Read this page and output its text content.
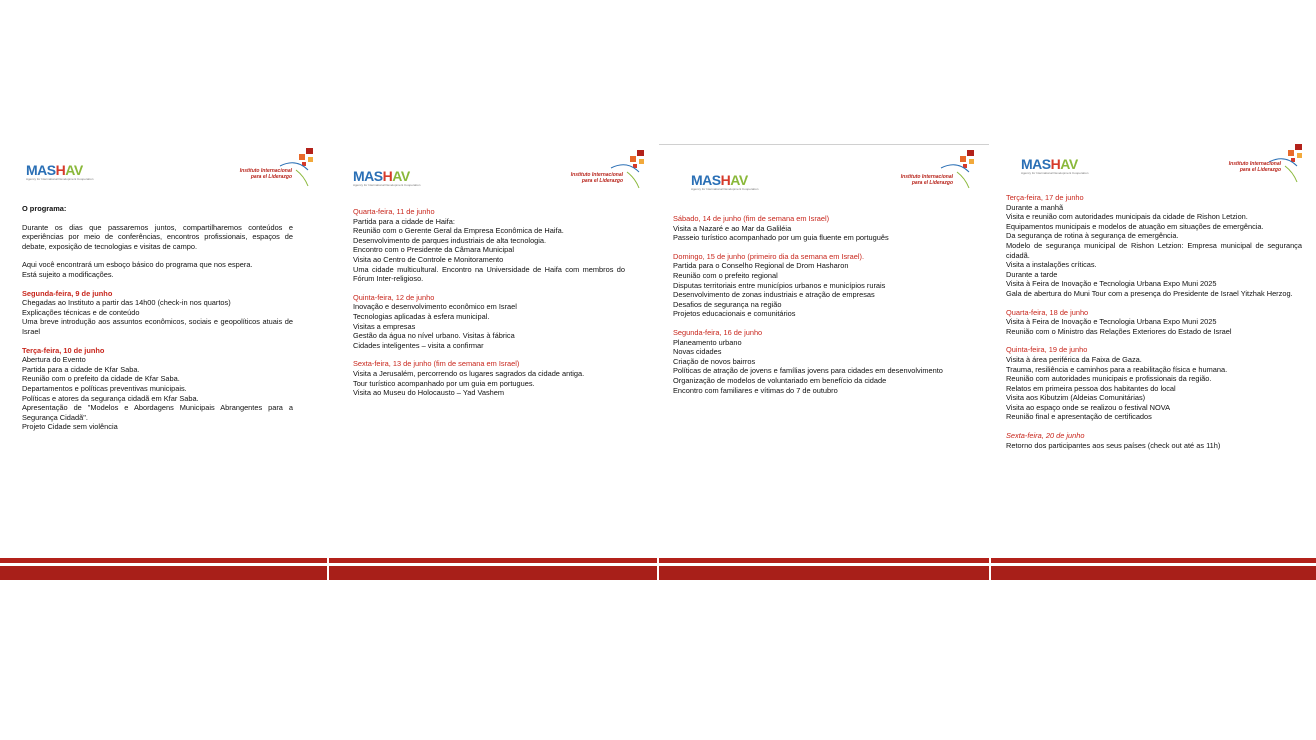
MASHAV
Agency for International Development Cooperation
Instituto Internacional
para el Liderazgo

O programa:

Durante os dias que passaremos juntos, compartilharemos conteúdos e experiências por meio de conferências, encontros profissionais, espaços de debate, exposição de tecnologias e visitas de campo.

Aqui você encontrará um esboço básico do programa que nos espera.

Está sujeito a modificações.

Segunda-feira, 9 de junho

Chegadas ao Instituto a partir das 14h00 (check-in nos quartos)

Explicações técnicas e de conteúdo

Uma breve introdução aos assuntos econômicos, sociais e geopolíticos atuais de Israel

Terça-feira, 10 de junho

Abertura do Evento

Partida para a cidade de Kfar Saba.

Reunião com o prefeito da cidade de Kfar Saba.

Departamentos e políticas preventivas municipais.

Políticas e atores da segurança cidadã em Kfar Saba.

Apresentação de "Modelos e Abordagens Municipais Abrangentes para a Segurança Cidadã".

Projeto Cidade sem violência

MASHAV
Agency for International Development Cooperation
Instituto Internacional
para el Liderazgo

Quarta-feira, 11 de junho

Partida para a cidade de Haifa:

Reunião com o Gerente Geral da Empresa Econômica de Haifa.

Desenvolvimento de parques industriais de alta tecnologia.

Encontro com o Presidente da Câmara Municipal

Visita ao Centro de Controle e Monitoramento

Uma cidade multicultural. Encontro na Universidade de Haifa com membros do Fórum Inter-religioso.

Quinta-feira, 12 de junho

Inovação e desenvolvimento econômico em Israel

Tecnologias aplicadas à esfera municipal.

Visitas a empresas

Gestão da água no nível urbano. Visitas à fábrica

Cidades inteligentes – visita a confirmar

Sexta-feira, 13 de junho (fim de semana em Israel)

Visita a Jerusalém, percorrendo os lugares sagrados da cidade antiga.

Tour turístico acompanhado por um guia em portugues.

Visita ao Museu do Holocausto – Yad Vashem

MASHAV
Agency for International Development Cooperation
Instituto Internacional
para el Liderazgo

Sábado, 14 de junho (fim de semana em Israel)

Visita a Nazaré e ao Mar da Galiléia

Passeio turístico acompanhado por um guia fluente em português

Domingo, 15 de junho (primeiro dia da semana em Israel).

Partida para o Conselho Regional de Drom Hasharon

Reunião com o prefeito regional

Disputas territoriais entre municípios urbanos e municípios rurais

Desenvolvimento de zonas industriais e atração de empresas

Desafios de segurança na região

Projetos educacionais e comunitários

Segunda-feira, 16 de junho

Planeamento urbano

Novas cidades

Criação de novos bairros

Políticas de atração de jovens e famílias jovens para cidades em desenvolvimento

Organização de modelos de voluntariado em benefício da cidade

Encontro com familiares e vítimas do 7 de outubro

MASHAV
Agency for International Development Cooperation
Instituto Internacional
para el Liderazgo

Terça-feira, 17 de junho

Durante a manhã

Visita e reunião com autoridades municipais da cidade de Rishon Letzion.

Equipamentos municipais e modelos de atuação em situações de emergência.

Da segurança de rotina à segurança de emergência.

Modelo de segurança municipal de Rishon Letzion: Empresa municipal de segurança cidadã.

Visita a instalações críticas.

Durante a tarde

Visita à Feira de Inovação e Tecnologia Urbana Expo Muni 2025

Gala de abertura do Muni Tour com a presença do Presidente de Israel Yitzhak Herzog.

Quarta-feira, 18 de junho

Visita à Feira de Inovação e Tecnologia Urbana Expo Muni 2025

Reunião com o Ministro das Relações Exteriores do Estado de Israel

Quinta-feira, 19 de junho

Visita à área periférica da Faixa de Gaza.

Trauma, resiliência e caminhos para a reabilitação física e humana.

Reunião com autoridades municipais e profissionais da região.

Relatos em primeira pessoa dos habitantes do local

Visita aos Kibutzim (Aldeias Comunitárias)

Visita ao espaço onde se realizou o festival NOVA

Reunião final e apresentação de certificados

Sexta-feira, 20 de junho

Retorno dos participantes aos seus países (check out até as 11h)
